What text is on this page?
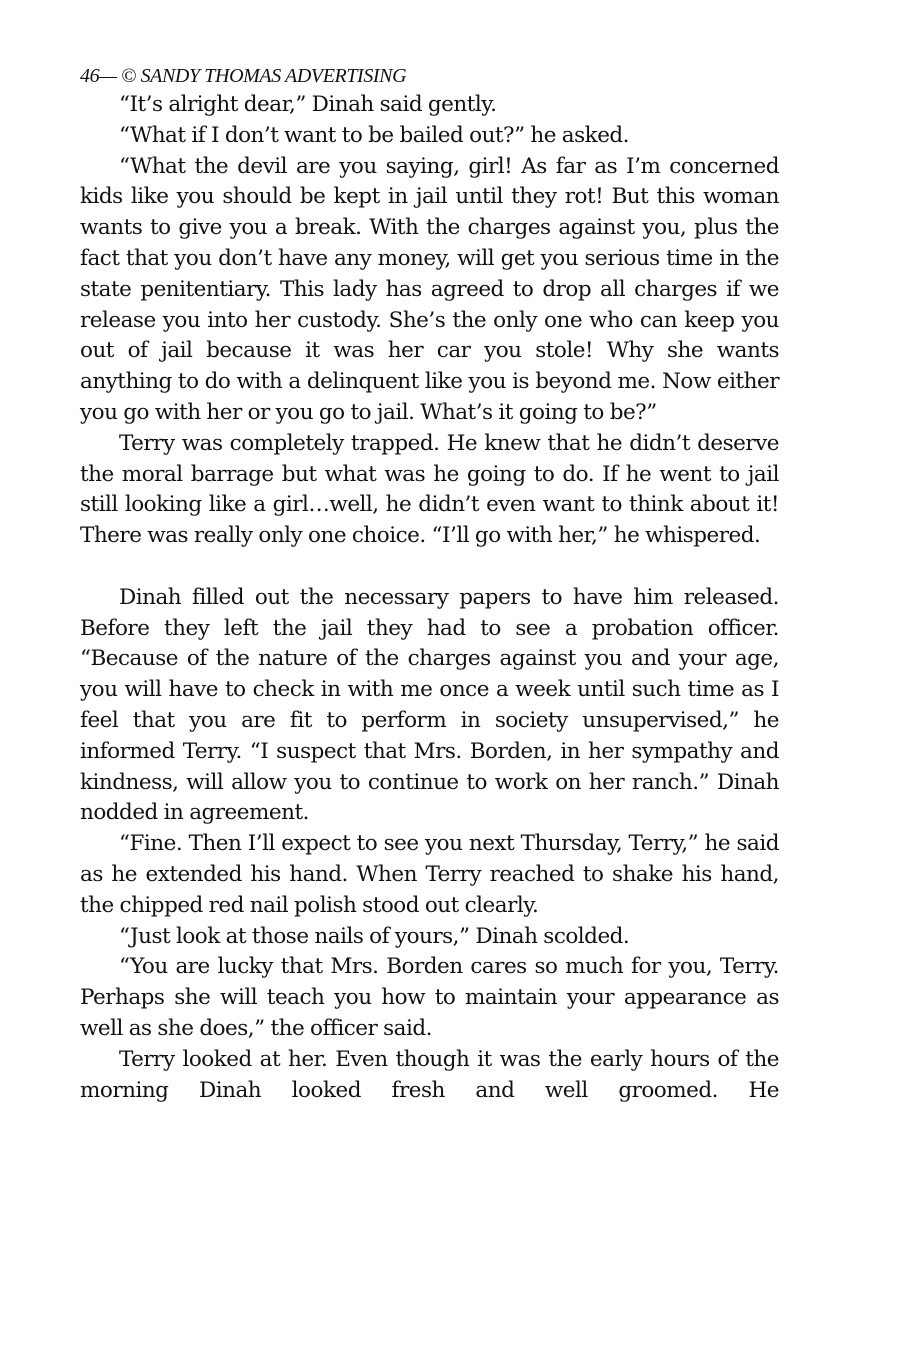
46— © SANDY THOMAS ADVERTISING

“It’s alright dear,” Dinah said gently.

“What if I don’t want to be bailed out?” he asked.

“What the devil are you saying, girl! As far as I’m concerned kids like you should be kept in jail until they rot! But this woman wants to give you a break. With the charges against you, plus the fact that you don’t have any money, will get you serious time in the state penitentiary. This lady has agreed to drop all charges if we release you into her custody. She’s the only one who can keep you out of jail because it was her car you stole! Why she wants anything to do with a delinquent like you is beyond me. Now either you go with her or you go to jail. What’s it going to be?”

Terry was completely trapped. He knew that he didn’t deserve the moral barrage but what was he going to do. If he went to jail still looking like a girl…well, he didn’t even want to think about it! There was really only one choice. “I’ll go with her,” he whispered.

Dinah filled out the necessary papers to have him released. Before they left the jail they had to see a probation officer. “Because of the nature of the charges against you and your age, you will have to check in with me once a week until such time as I feel that you are fit to perform in society unsupervised,” he informed Terry. “I suspect that Mrs. Borden, in her sympathy and kindness, will allow you to continue to work on her ranch.” Dinah nodded in agreement.

“Fine. Then I’ll expect to see you next Thursday, Terry,” he said as he extended his hand. When Terry reached to shake his hand, the chipped red nail polish stood out clearly.

“Just look at those nails of yours,” Dinah scolded.

“You are lucky that Mrs. Borden cares so much for you, Terry. Perhaps she will teach you how to maintain your appearance as well as she does,” the officer said.

Terry looked at her. Even though it was the early hours of the morning Dinah looked fresh and well groomed. He
